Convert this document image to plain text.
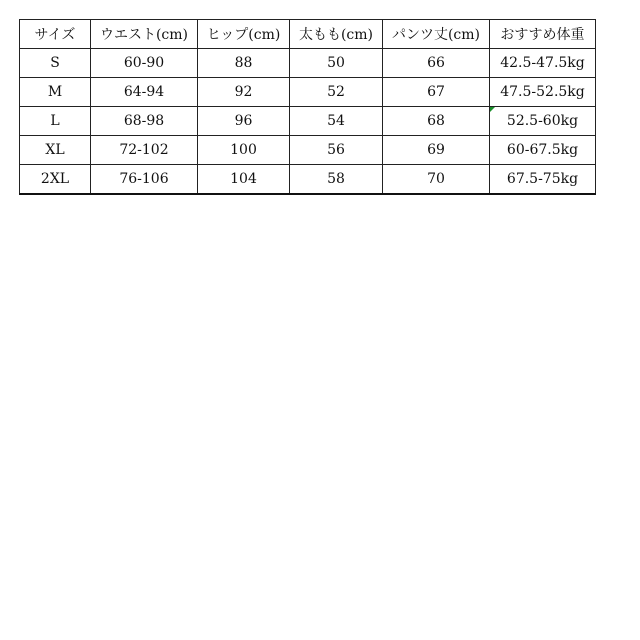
サイズ	ウエスト(cm)	ヒップ(cm)	太もも(cm)	パンツ丈(cm)	おすすめ体重
S	60-90	88	50	66	42.5-47.5kg
M	64-94	92	52	67	47.5-52.5kg
L	68-98	96	54	68	52.5-60kg
XL	72-102	100	56	69	60-67.5kg
2XL	76-106	104	58	70	67.5-75kg
